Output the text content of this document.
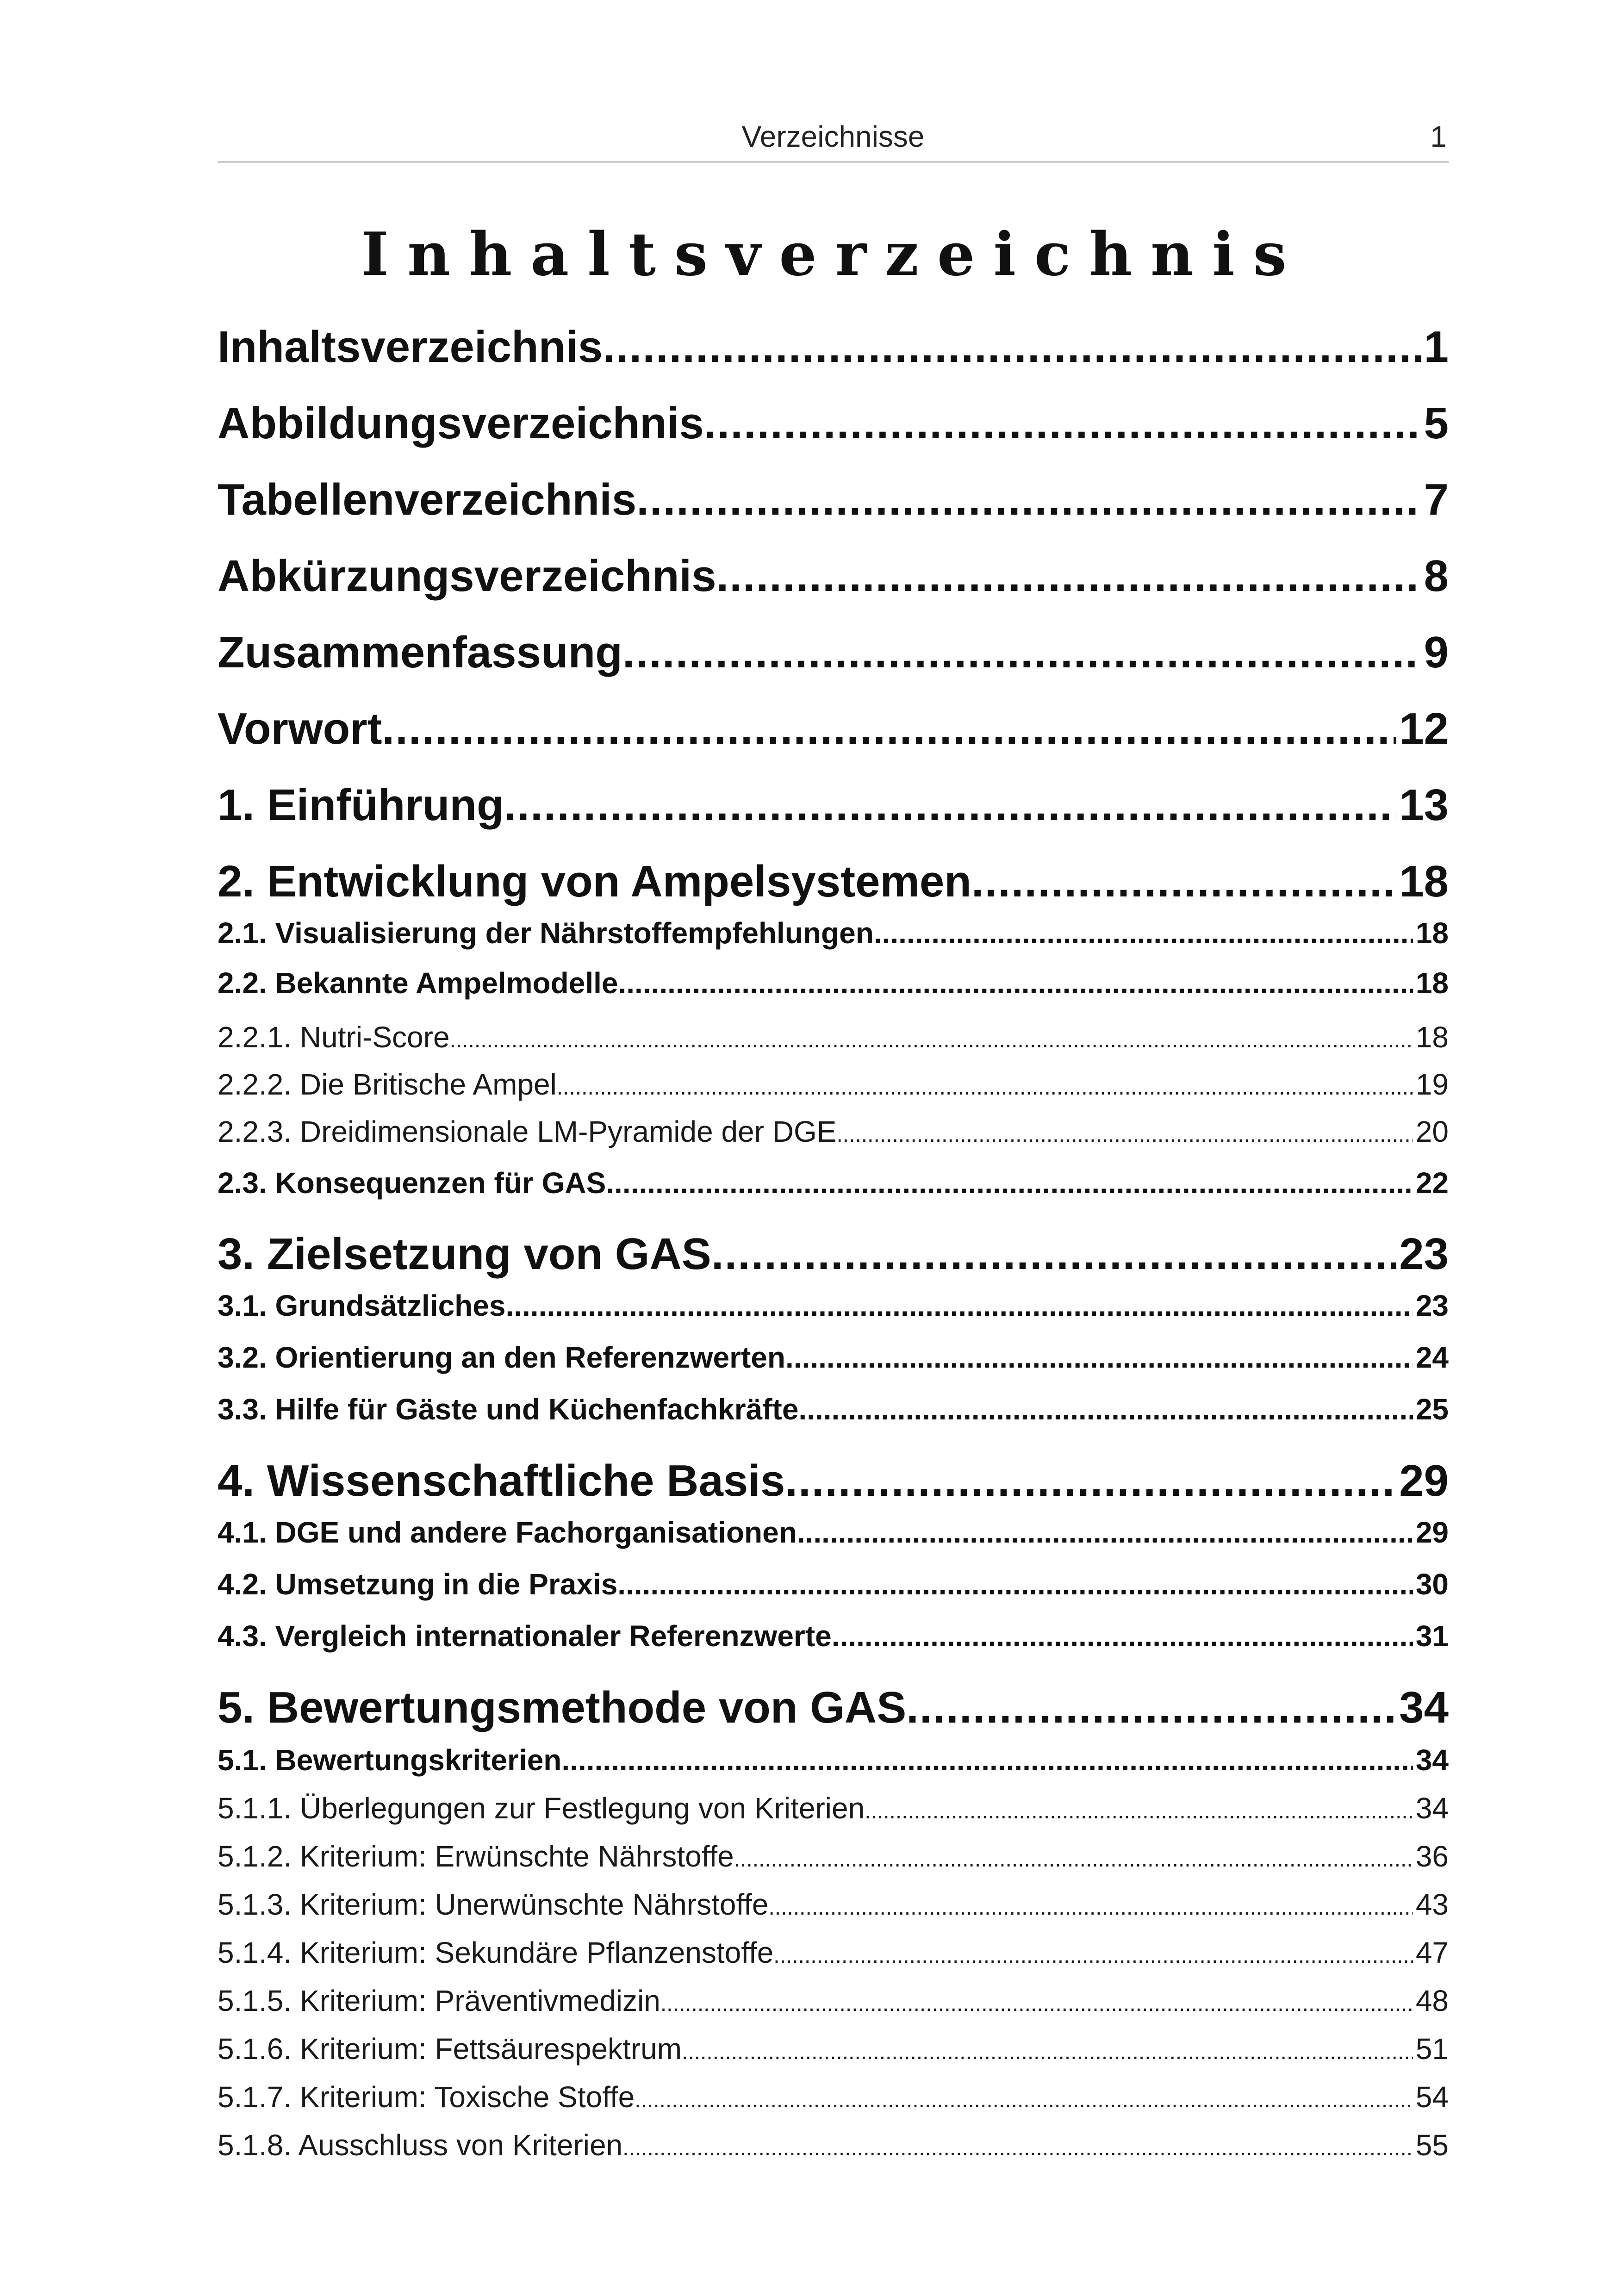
Verzeichnisse	1
Inhaltsverzeichnis
Inhaltsverzeichnis .....	1
Abbildungsverzeichnis .....	5
Tabellenverzeichnis .....	7
Abkürzungsverzeichnis .....	8
Zusammenfassung .....	9
Vorwort .....	12
1. Einführung .....	13
2. Entwicklung von Ampelsystemen .....	18
2.1. Visualisierung der Nährstoffempfehlungen .....	18
2.2. Bekannte Ampelmodelle .....	18
2.2.1. Nutri-Score .....	18
2.2.2. Die Britische Ampel .....	19
2.2.3. Dreidimensionale LM-Pyramide der DGE .....	20
2.3. Konsequenzen für GAS .....	22
3. Zielsetzung von GAS .....	23
3.1. Grundsätzliches .....	23
3.2. Orientierung an den Referenzwerten .....	24
3.3. Hilfe für Gäste und Küchenfachkräfte .....	25
4. Wissenschaftliche Basis .....	29
4.1. DGE und andere Fachorganisationen .....	29
4.2. Umsetzung in die Praxis .....	30
4.3. Vergleich internationaler Referenzwerte .....	31
5. Bewertungsmethode von GAS .....	34
5.1. Bewertungskriterien .....	34
5.1.1. Überlegungen zur Festlegung von Kriterien .....	34
5.1.2. Kriterium: Erwünschte Nährstoffe .....	36
5.1.3. Kriterium: Unerwünschte Nährstoffe .....	43
5.1.4. Kriterium: Sekundäre Pflanzenstoffe .....	47
5.1.5. Kriterium: Präventivmedizin .....	48
5.1.6. Kriterium: Fettsäurespektrum .....	51
5.1.7. Kriterium: Toxische Stoffe .....	54
5.1.8. Ausschluss von Kriterien .....	55
